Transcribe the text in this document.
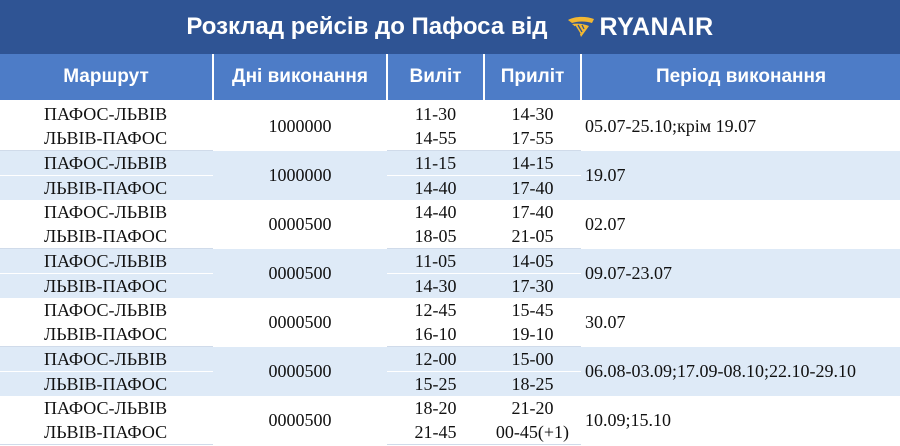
Розклад рейсів до Пафоса від RYANAIR
Маршрут	Дні виконання	Виліт	Приліт	Період виконання
ПАФОС-ЛЬВІВ	1000000	11-30	14-30	05.07-25.10;крім 19.07
ЛЬВІВ-ПАФОС		14-55	17-55	
ПАФОС-ЛЬВІВ	1000000	11-15	14-15	19.07
ЛЬВІВ-ПАФОС		14-40	17-40	
ПАФОС-ЛЬВІВ	0000500	14-40	17-40	02.07
ЛЬВІВ-ПАФОС		18-05	21-05	
ПАФОС-ЛЬВІВ	0000500	11-05	14-05	09.07-23.07
ЛЬВІВ-ПАФОС		14-30	17-30	
ПАФОС-ЛЬВІВ	0000500	12-45	15-45	30.07
ЛЬВІВ-ПАФОС		16-10	19-10	
ПАФОС-ЛЬВІВ	0000500	12-00	15-00	06.08-03.09;17.09-08.10;22.10-29.10
ЛЬВІВ-ПАФОС		15-25	18-25	
ПАФОС-ЛЬВІВ	0000500	18-20	21-20	10.09;15.10
ЛЬВІВ-ПАФОС		21-45	00-45(+1)	
